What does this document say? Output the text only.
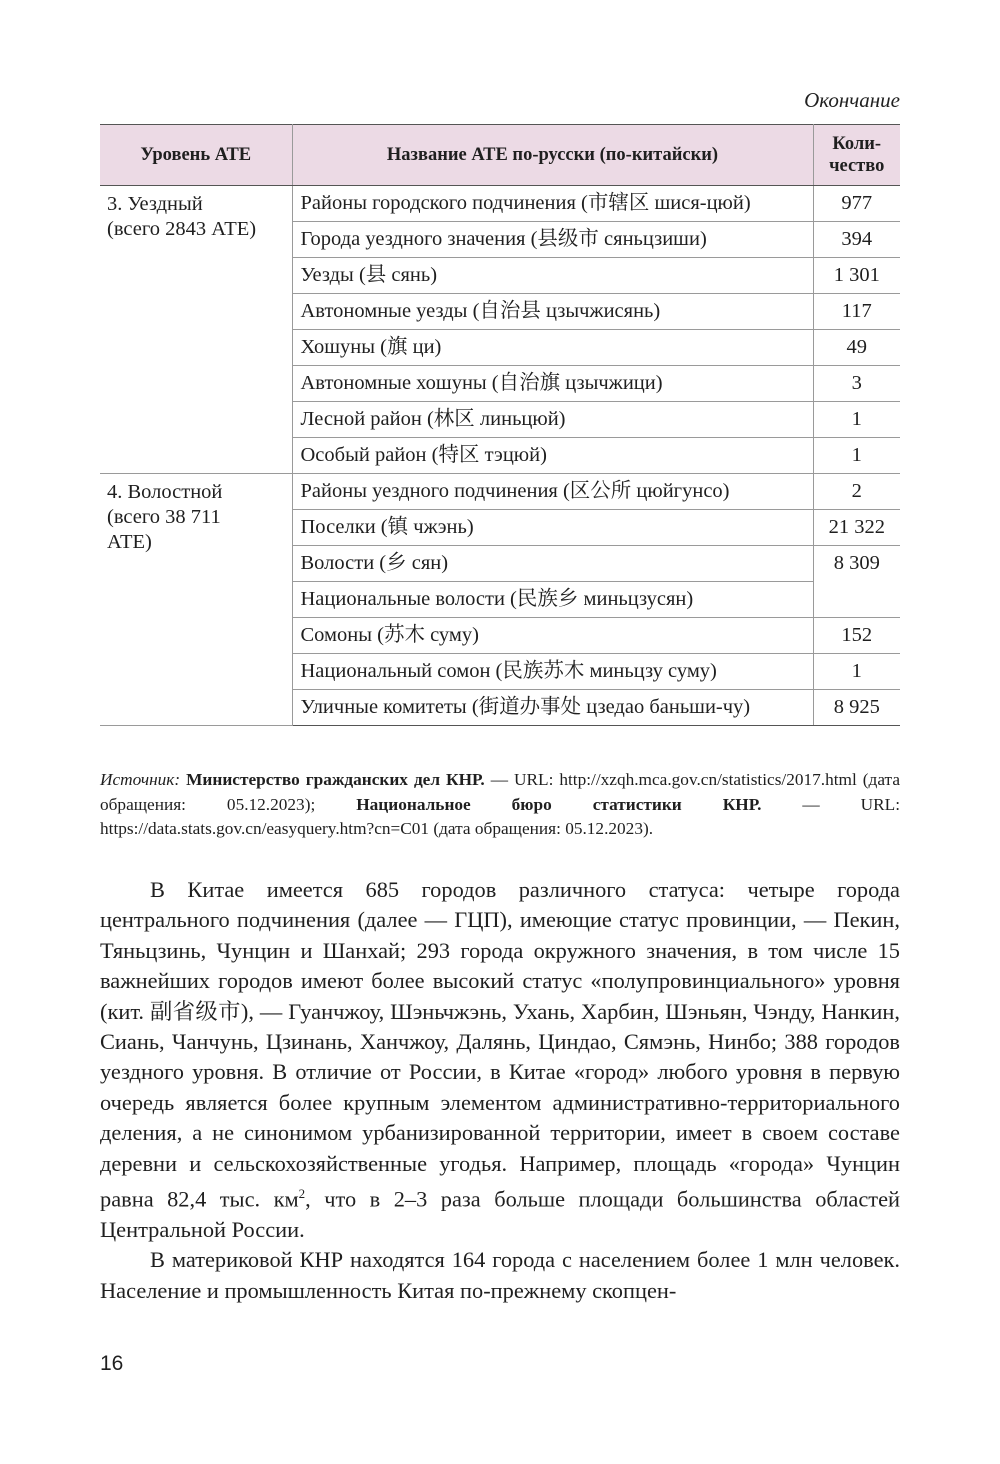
Окончание
Уровень АТЕ	Название АТЕ по-русски (по-китайски)	Коли-
чество
3. Уездный
(всего 2843 АТЕ)	Районы городского подчинения (市辖区 шися-цюй)	977
	Города уездного значения (县级市 сяньцзиши)	394
	Уезды (县 сянь)	1 301
	Автономные уезды (自治县 цзычжисянь)	117
	Хошуны (旗 ци)	49
	Автономные хошуны (自治旗 цзычжици)	3
	Лесной район (林区 линьцюй)	1
	Особый район (特区 тэцюй)	1
4. Волостной
(всего 38 711
АТЕ)	Районы уездного подчинения (区公所 цюйгунсо)	2
	Поселки (镇 чжэнь)	21 322
	Волости (乡 сян)	8 309
	Национальные волости (民族乡 миньцзусян)	
	Сомоны (苏木 суму)	152
	Национальный сомон (民族苏木 миньцзу суму)	1
	Уличные комитеты (街道办事处 цзедао баньши-чу)	8 925
Источник: Министерство гражданских дел КНР. — URL: http://xzqh.mca.gov.cn/statistics/2017.html (дата обращения: 05.12.2023); Национальное бюро статистики КНР. — URL: https://data.stats.gov.cn/easyquery.htm?cn=C01 (дата обращения: 05.12.2023).

В Китае имеется 685 городов различного статуса: четыре города центрального подчинения (далее — ГЦП), имеющие статус провинции, — Пекин, Тяньцзинь, Чунцин и Шанхай; 293 города окружного значения, в том числе 15 важнейших городов имеют более высокий статус «полупровинциального» уровня (кит. 副省级市), — Гуанчжоу, Шэньчжэнь, Ухань, Харбин, Шэньян, Чэнду, Нанкин, Сиань, Чанчунь, Цзинань, Ханчжоу, Далянь, Циндао, Сямэнь, Нинбо; 388 городов уездного уровня. В отличие от России, в Китае «город» любого уровня в первую очередь является более крупным элементом административно-территориального деления, а не синонимом урбанизированной территории, имеет в своем составе деревни и сельскохозяйственные угодья. Например, площадь «города» Чунцин равна 82,4 тыс. $км^2$, что в 2–3 раза больше площади большинства областей Центральной России.

В материковой КНР находятся 164 города с населением более 1 млн человек. Население и промышленность Китая по-прежнему скопцен-

16
